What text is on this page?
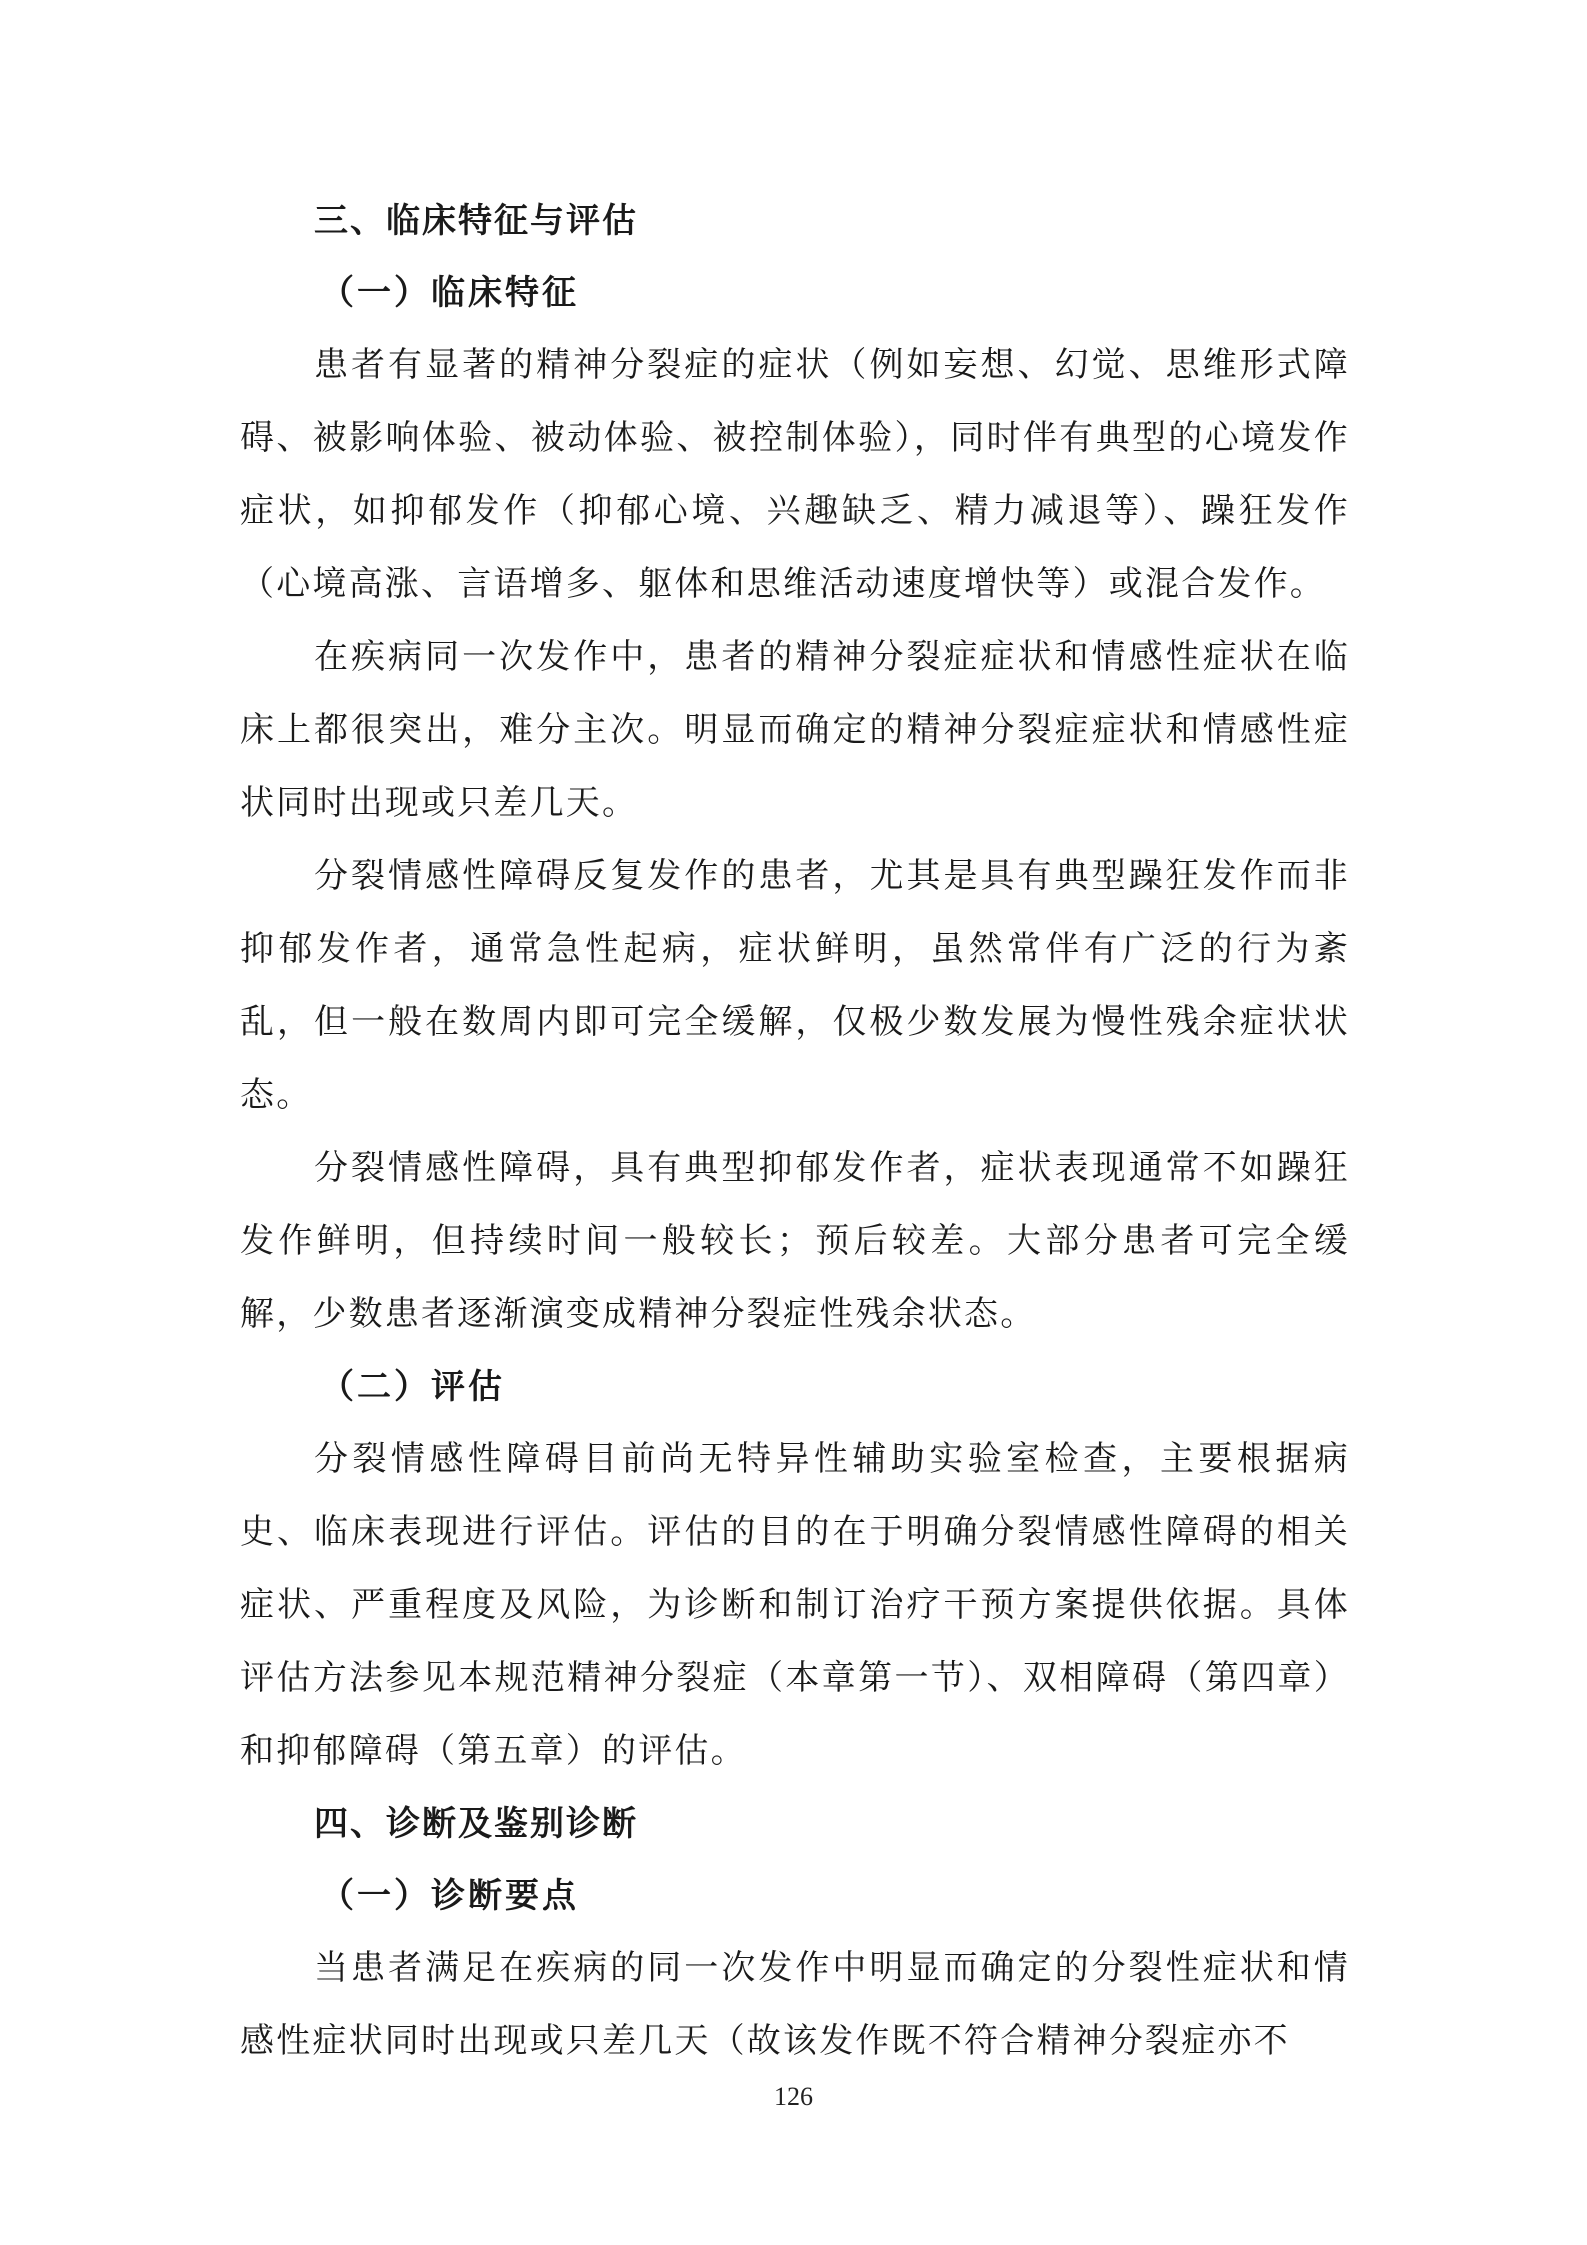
三、临床特征与评估
（一）临床特征

患者有显著的精神分裂症的症状（例如妄想、幻觉、思维形式障碍、被影响体验、被动体验、被控制体验），同时伴有典型的心境发作症状，如抑郁发作（抑郁心境、兴趣缺乏、精力减退等）、躁狂发作（心境高涨、言语增多、躯体和思维活动速度增快等）或混合发作。

在疾病同一次发作中，患者的精神分裂症症状和情感性症状在临床上都很突出，难分主次。明显而确定的精神分裂症症状和情感性症状同时出现或只差几天。

分裂情感性障碍反复发作的患者，尤其是具有典型躁狂发作而非抑郁发作者，通常急性起病，症状鲜明，虽然常伴有广泛的行为紊乱，但一般在数周内即可完全缓解，仅极少数发展为慢性残余症状状态。

分裂情感性障碍，具有典型抑郁发作者，症状表现通常不如躁狂发作鲜明，但持续时间一般较长；预后较差。大部分患者可完全缓解，少数患者逐渐演变成精神分裂症性残余状态。

（二）评估

分裂情感性障碍目前尚无特异性辅助实验室检查，主要根据病史、临床表现进行评估。评估的目的在于明确分裂情感性障碍的相关症状、严重程度及风险，为诊断和制订治疗干预方案提供依据。具体评估方法参见本规范精神分裂症（本章第一节）、双相障碍（第四章）和抑郁障碍（第五章）的评估。

四、诊断及鉴别诊断
（一）诊断要点

当患者满足在疾病的同一次发作中明显而确定的分裂性症状和情感性症状同时出现或只差几天（故该发作既不符合精神分裂症亦不

126
